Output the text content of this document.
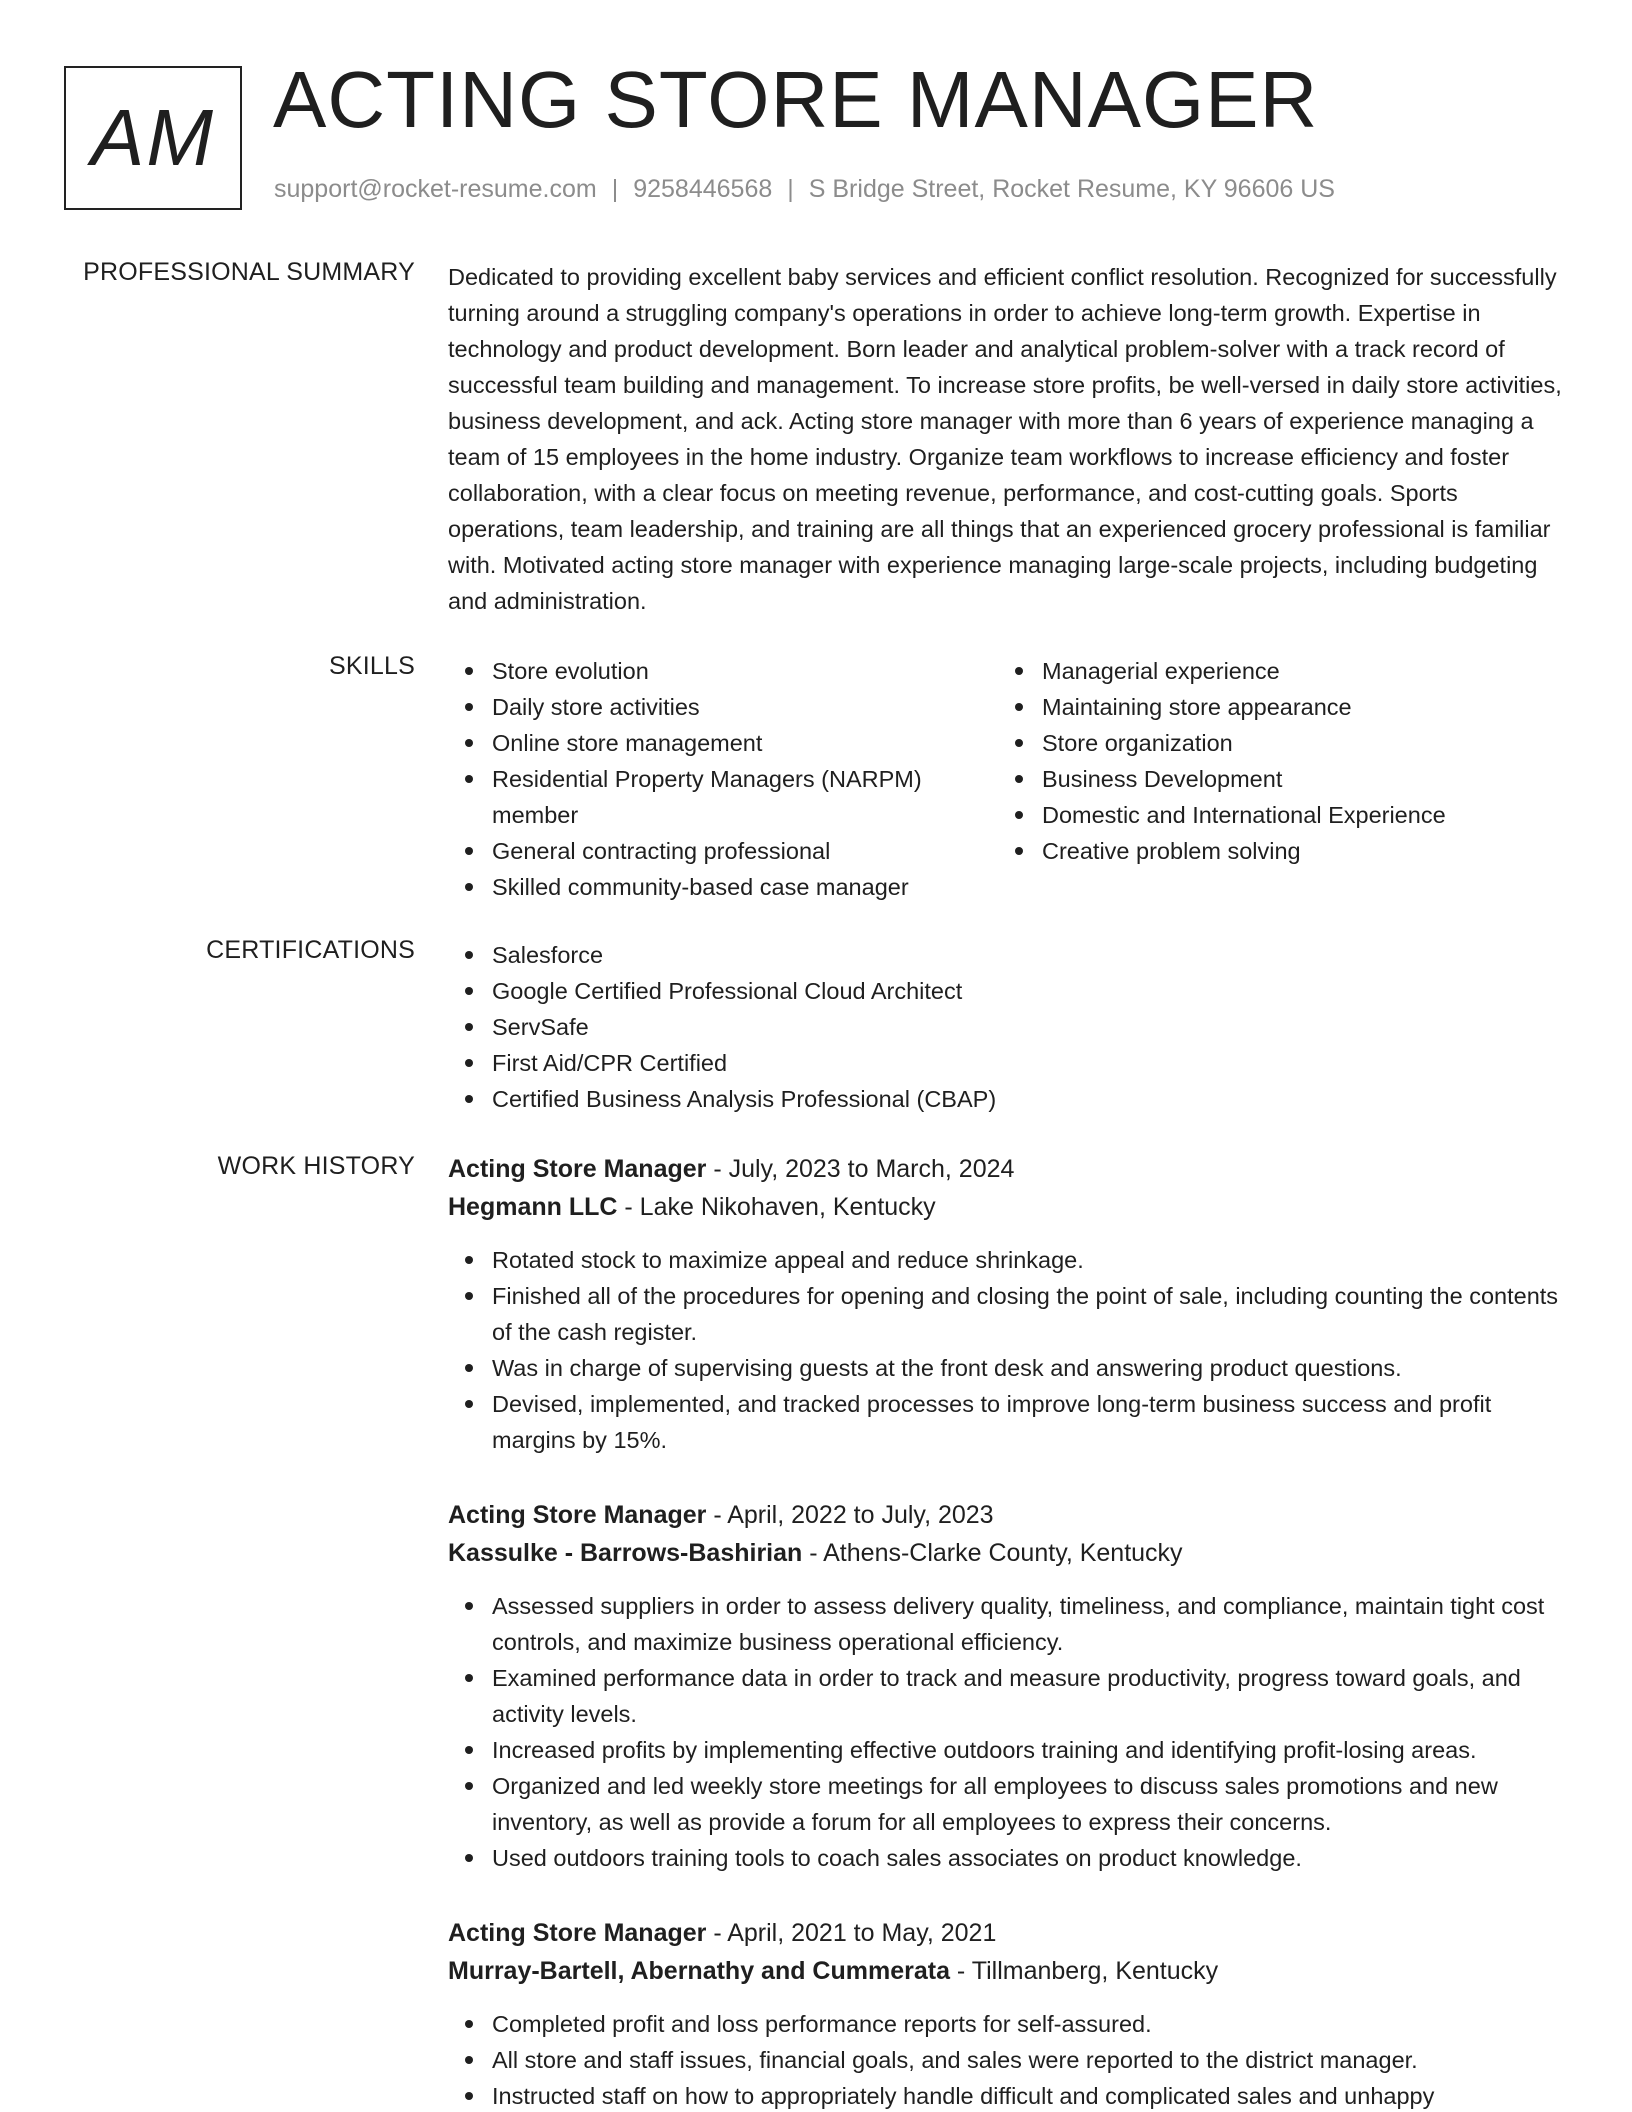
AM ACTING STORE MANAGER
support@rocket-resume.com | 9258446568 | S Bridge Street, Rocket Resume, KY 96606 US
PROFESSIONAL SUMMARY Dedicated to providing excellent baby services and efficient conflict resolution. Recognized for successfully turning around a struggling company's operations in order to achieve long-term growth. Expertise in technology and product development. Born leader and analytical problem-solver with a track record of successful team building and management. To increase store profits, be well-versed in daily store activities, business development, and ack. Acting store manager with more than 6 years of experience managing a team of 15 employees in the home industry. Organize team workflows to increase efficiency and foster collaboration, with a clear focus on meeting revenue, performance, and cost-cutting goals. Sports operations, team leadership, and training are all things that an experienced grocery professional is familiar with. Motivated acting store manager with experience managing large-scale projects, including budgeting and administration.

SKILLS	Store evolution
Daily store activities
Online store management
Residential Property Managers (NARPM) member
General contracting professional
Skilled community-based case manager
Managerial experience
Maintaining store appearance
Store organization
Business Development
Domestic and International Experience
Creative problem solving
CERTIFICATIONS	Salesforce
Google Certified Professional Cloud Architect
ServSafe
First Aid/CPR Certified
Certified Business Analysis Professional (CBAP)
WORK HISTORY Acting Store Manager - July, 2023 to March, 2024
Hegmann LLC - Lake Nikohaven, Kentucky
Rotated stock to maximize appeal and reduce shrinkage.
Finished all of the procedures for opening and closing the point of sale, including counting the contents of the cash register.
Was in charge of supervising guests at the front desk and answering product questions.
Devised, implemented, and tracked processes to improve long-term business success and profit margins by 15%.
Acting Store Manager - April, 2022 to July, 2023
Kassulke - Barrows-Bashirian - Athens-Clarke County, Kentucky
Assessed suppliers in order to assess delivery quality, timeliness, and compliance, maintain tight cost controls, and maximize business operational efficiency.
Examined performance data in order to track and measure productivity, progress toward goals, and activity levels.
Increased profits by implementing effective outdoors training and identifying profit-losing areas.
Organized and led weekly store meetings for all employees to discuss sales promotions and new inventory, as well as provide a forum for all employees to express their concerns.
Used outdoors training tools to coach sales associates on product knowledge.
Acting Store Manager - April, 2021 to May, 2021
Murray-Bartell, Abernathy and Cummerata - Tillmanberg, Kentucky
Completed profit and loss performance reports for self-assured.
All store and staff issues, financial goals, and sales were reported to the district manager.
Instructed staff on how to appropriately handle difficult and complicated sales and unhappy
